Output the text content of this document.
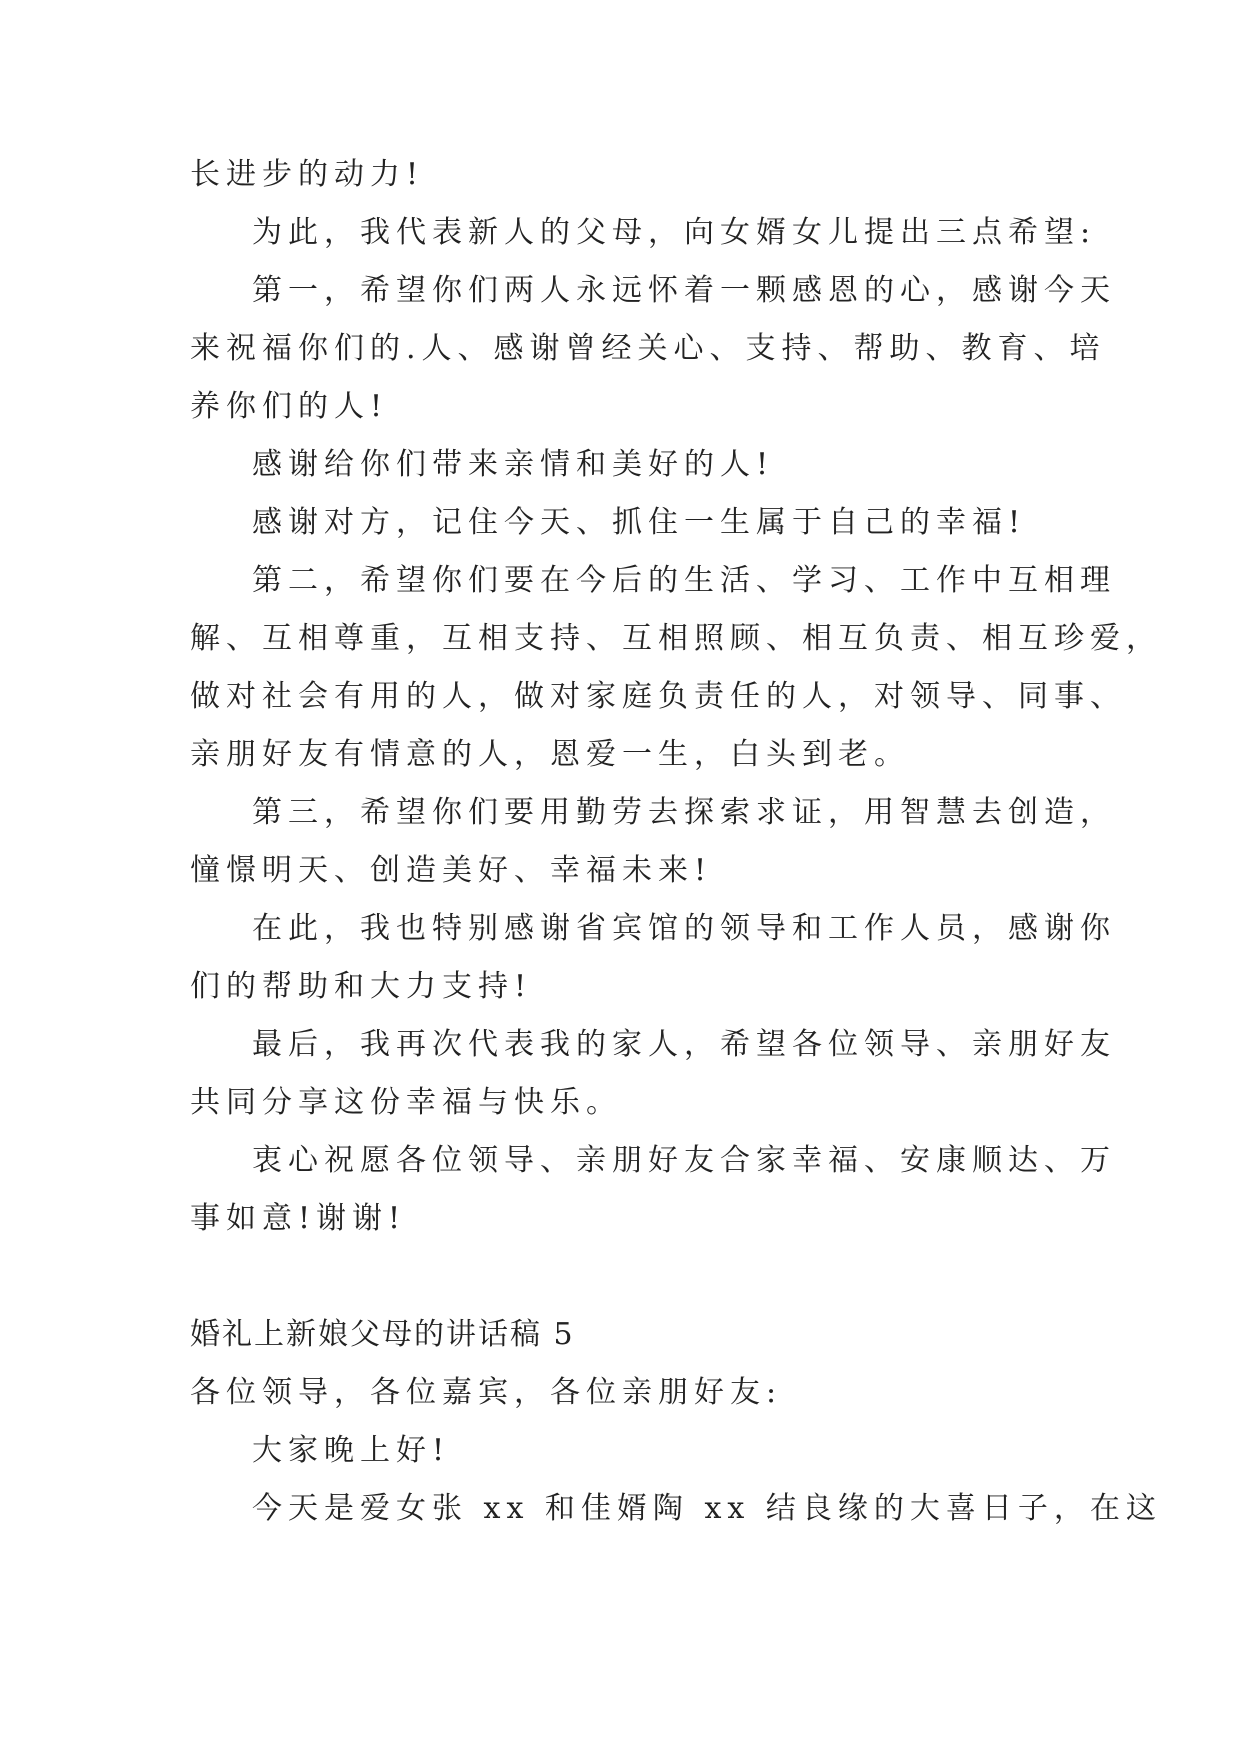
长进步的动力!
为此，我代表新人的父母，向女婿女儿提出三点希望:
第一，希望你们两人永远怀着一颗感恩的心，感谢今天
来祝福你们的.人、感谢曾经关心、支持、帮助、教育、培
养你们的人!
感谢给你们带来亲情和美好的人!
感谢对方，记住今天、抓住一生属于自己的幸福!
第二，希望你们要在今后的生活、学习、工作中互相理
解、互相尊重，互相支持、互相照顾、相互负责、相互珍爱，
做对社会有用的人，做对家庭负责任的人，对领导、同事、
亲朋好友有情意的人，恩爱一生，白头到老。
第三，希望你们要用勤劳去探索求证，用智慧去创造，
憧憬明天、创造美好、幸福未来!
在此，我也特别感谢省宾馆的领导和工作人员，感谢你
们的帮助和大力支持!
最后，我再次代表我的家人，希望各位领导、亲朋好友
共同分享这份幸福与快乐。
衷心祝愿各位领导、亲朋好友合家幸福、安康顺达、万
事如意!谢谢!
婚礼上新娘父母的讲话稿 5
各位领导，各位嘉宾，各位亲朋好友:
大家晚上好!
今天是爱女张 xx 和佳婿陶 xx 结良缘的大喜日子，在这
